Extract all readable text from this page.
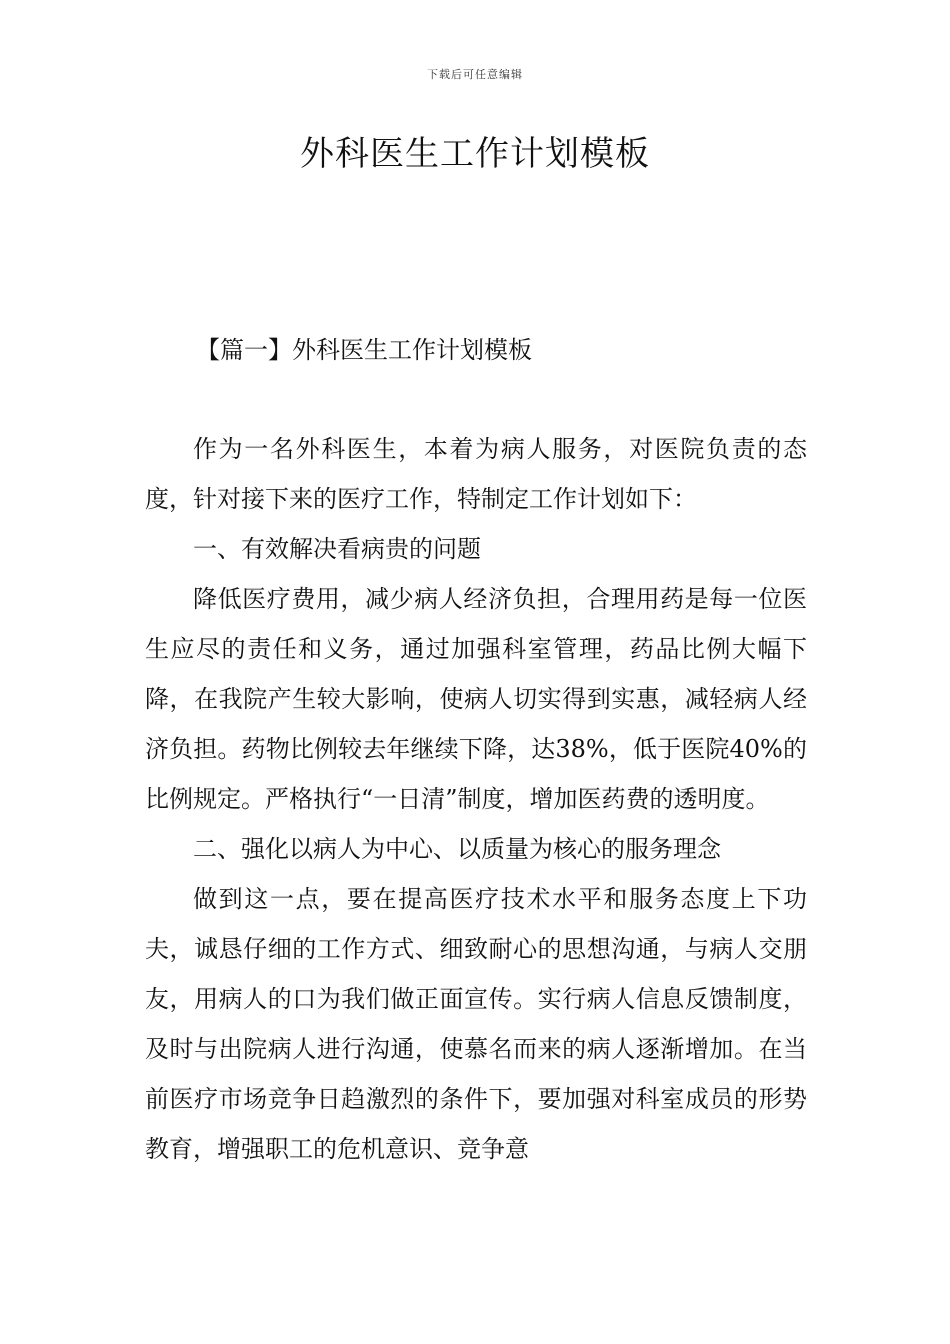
下载后可任意编辑
外科医生工作计划模板
【篇一】外科医生工作计划模板

作为一名外科医生，本着为病人服务，对医院负责的态度，针对接下来的医疗工作，特制定工作计划如下：

一、有效解决看病贵的问题

降低医疗费用，减少病人经济负担，合理用药是每一位医生应尽的责任和义务，通过加强科室管理，药品比例大幅下降，在我院产生较大影响，使病人切实得到实惠，减轻病人经济负担。药物比例较去年继续下降，达38%，低于医院40%的比例规定。严格执行“一日清”制度，增加医药费的透明度。

二、强化以病人为中心、以质量为核心的服务理念

做到这一点，要在提高医疗技术水平和服务态度上下功夫，诚恳仔细的工作方式、细致耐心的思想沟通，与病人交朋友，用病人的口为我们做正面宣传。实行病人信息反馈制度，及时与出院病人进行沟通，使慕名而来的病人逐渐增加。在当前医疗市场竞争日趋激烈的条件下，要加强对科室成员的形势教育，增强职工的危机意识、竞争意
